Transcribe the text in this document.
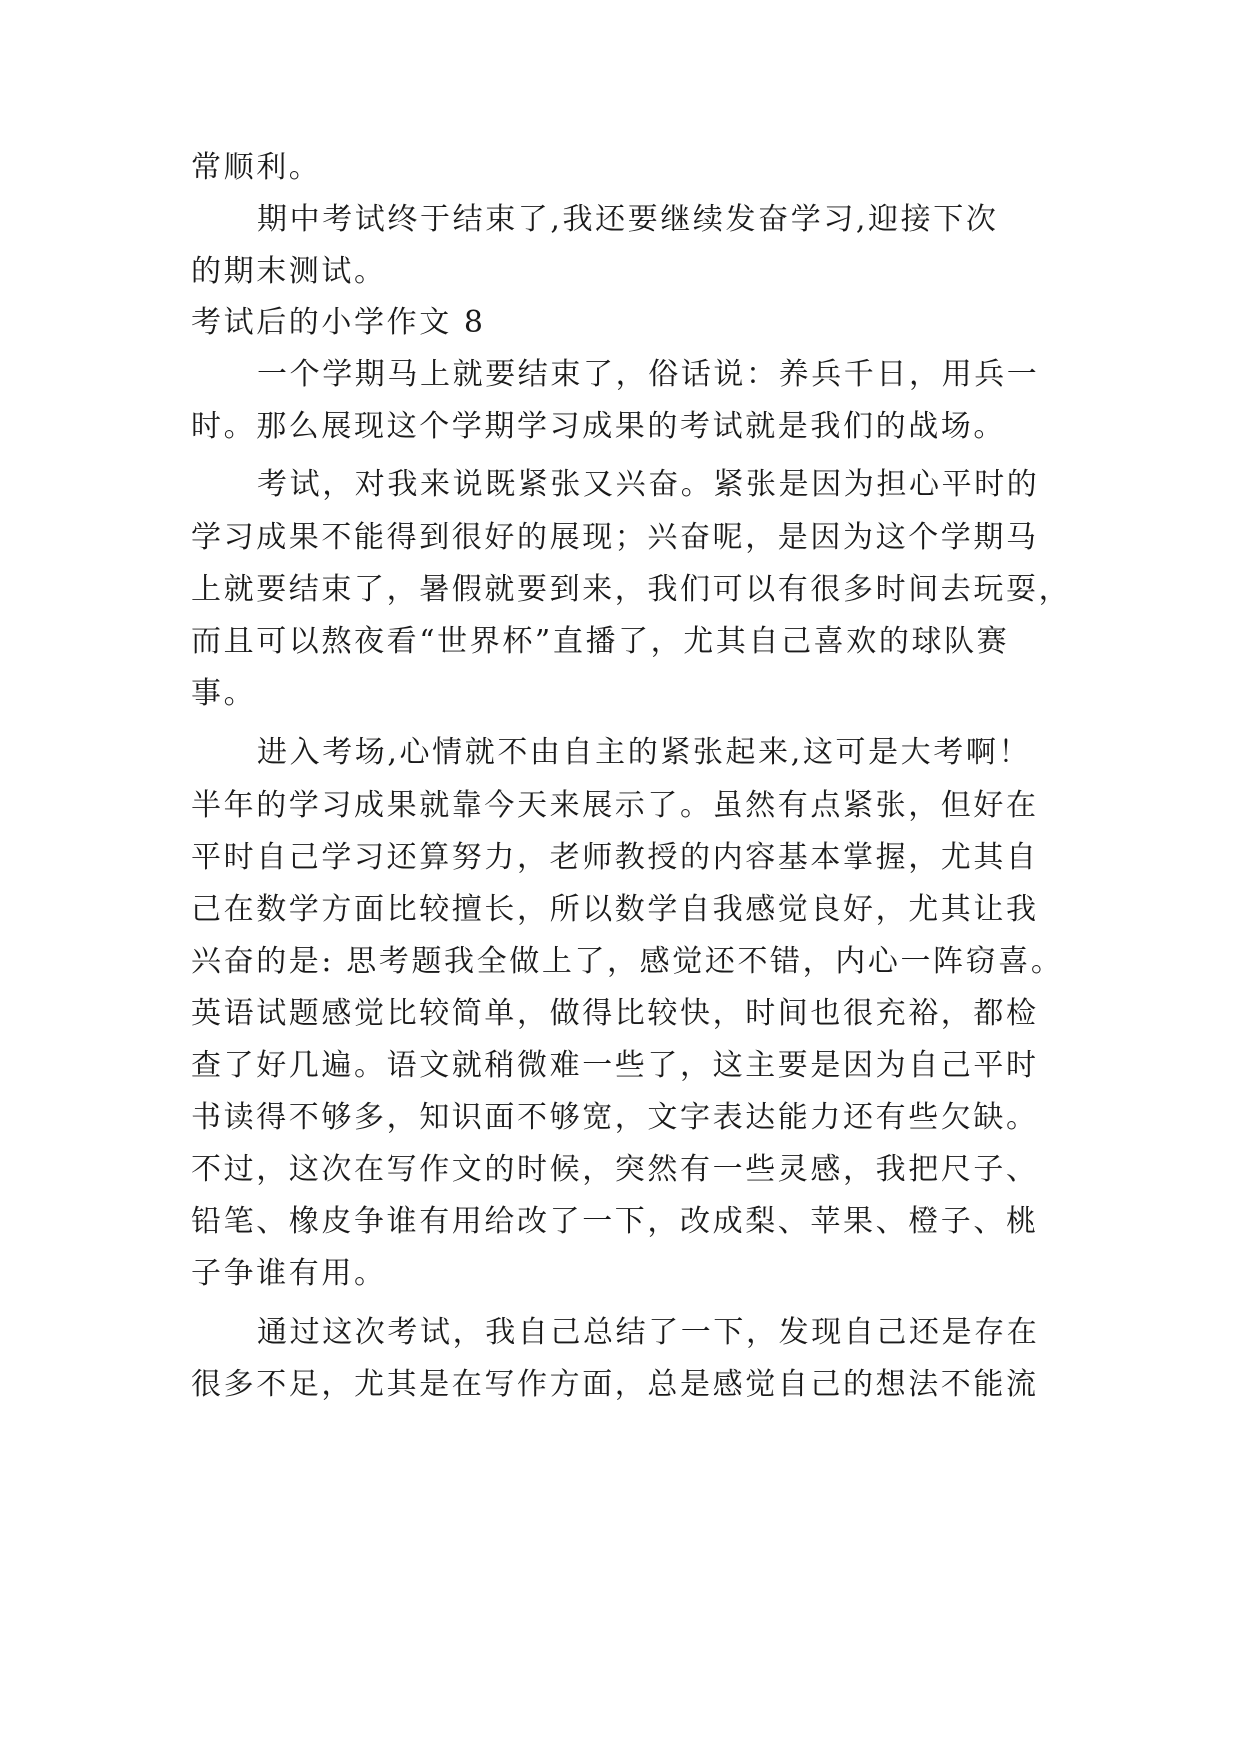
常顺利。
期中考试终于结束了,我还要继续发奋学习,迎接下次
的期末测试。
考试后的小学作文 8
一个学期马上就要结束了，俗话说：养兵千日，用兵一
时。那么展现这个学期学习成果的考试就是我们的战场。
考试，对我来说既紧张又兴奋。紧张是因为担心平时的
学习成果不能得到很好的展现；兴奋呢，是因为这个学期马
上就要结束了，暑假就要到来，我们可以有很多时间去玩耍，
而且可以熬夜看“世界杯”直播了，尤其自己喜欢的球队赛
事。
进入考场,心情就不由自主的紧张起来,这可是大考啊！
半年的学习成果就靠今天来展示了。虽然有点紧张，但好在
平时自己学习还算努力，老师教授的内容基本掌握，尤其自
己在数学方面比较擅长，所以数学自我感觉良好，尤其让我
兴奋的是: 思考题我全做上了，感觉还不错，内心一阵窃喜。
英语试题感觉比较简单，做得比较快，时间也很充裕，都检
查了好几遍。语文就稍微难一些了，这主要是因为自己平时
书读得不够多，知识面不够宽，文字表达能力还有些欠缺。
不过，这次在写作文的时候，突然有一些灵感，我把尺子、
铅笔、橡皮争谁有用给改了一下，改成梨、苹果、橙子、桃
子争谁有用。
通过这次考试，我自己总结了一下，发现自己还是存在
很多不足，尤其是在写作方面，总是感觉自己的想法不能流
